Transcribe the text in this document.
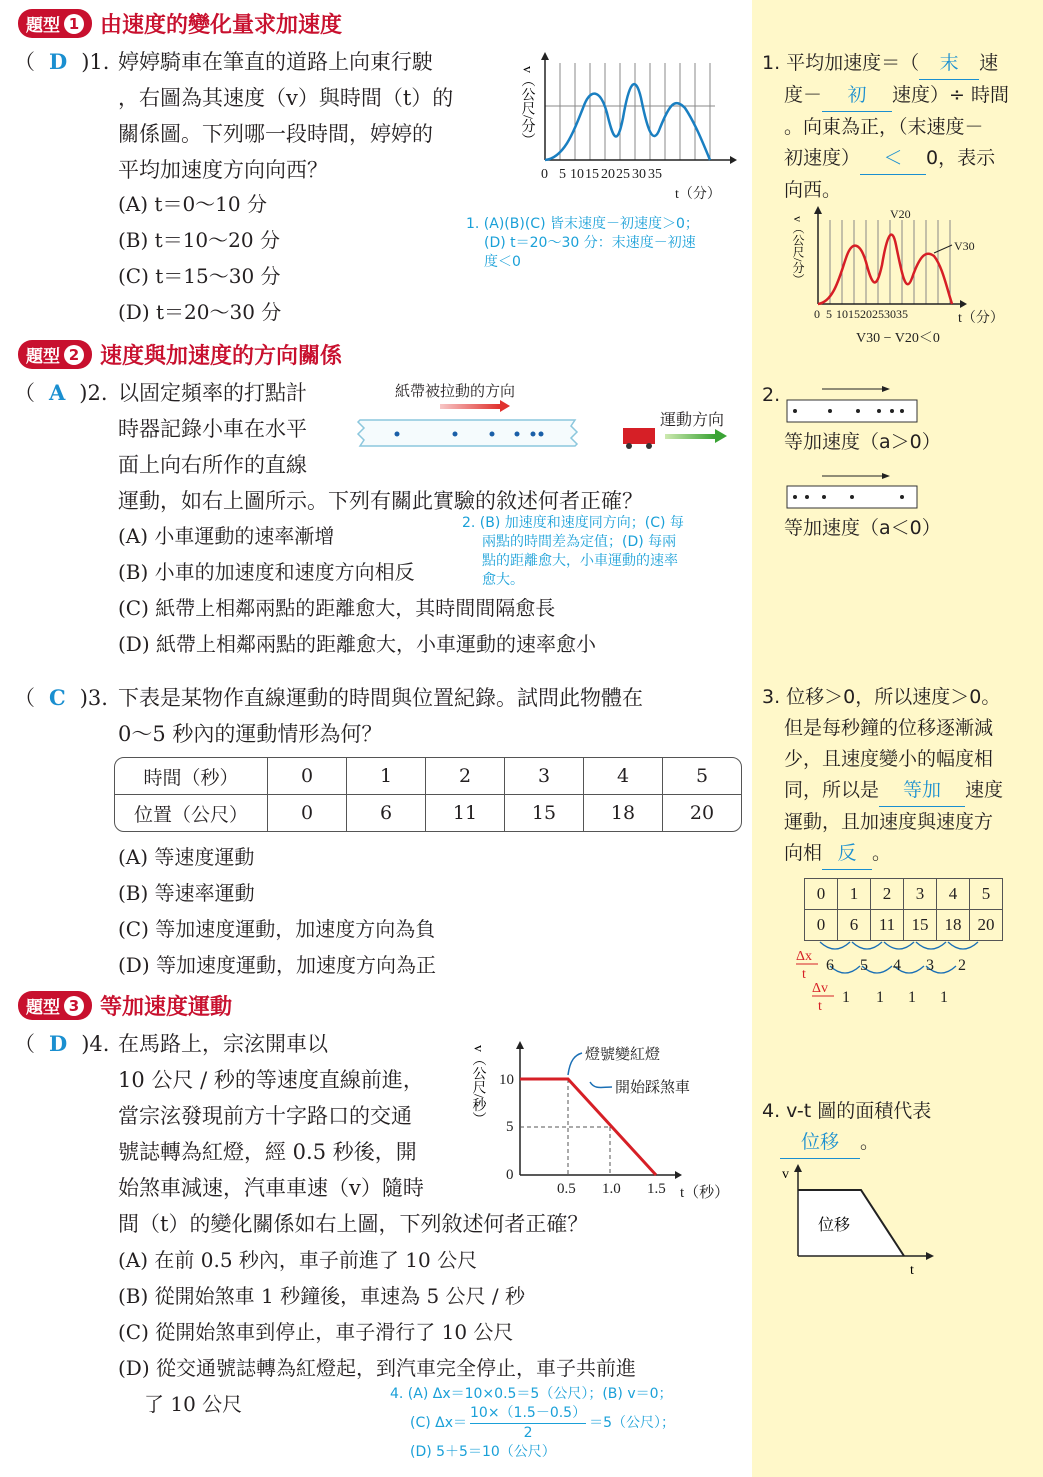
題型 1 由速度的變化量求加速度
（ D )1. 婷婷騎車在筆直的道路上向東行駛
，右圖為其速度（v）與時間（t）的
關係圖。下列哪一段時間，婷婷的
平均加速度方向向西？
(A) t＝0～10 分
(B) t＝10～20 分
(C) t＝15～30 分
(D) t＝20～30 分
0 5 10 15 20 25 30 35
t（分）
v（公尺/分）
1. (A)(B)(C) 皆末速度－初速度＞0；
(D) t＝20～30 分：末速度－初速
度＜0
題型 2 速度與加速度的方向關係
（ A )2. 以固定頻率的打點計
時器記錄小車在水平
面上向右所作的直線
運動，如右上圖所示。下列有關此實驗的敘述何者正確？
紙帶被拉動的方向
運動方向
(A) 小車運動的速率漸增
(B) 小車的加速度和速度方向相反
(C) 紙帶上相鄰兩點的距離愈大，其時間間隔愈長
(D) 紙帶上相鄰兩點的距離愈大，小車運動的速率愈小
2. (B) 加速度和速度同方向；(C) 每
兩點的時間差為定值；(D) 每兩
點的距離愈大，小車運動的速率
愈大。
（ C )3. 下表是某物作直線運動的時間與位置紀錄。試問此物體在
0～5 秒內的運動情形為何？
時間（秒）	0	1	2	3	4	5
位置（公尺）	0	6	11	15	18	20
(A) 等速度運動
(B) 等速率運動
(C) 等加速度運動，加速度方向為負
(D) 等加速度運動，加速度方向為正
題型 3 等加速度運動
（ D )4. 在馬路上，宗泫開車以
10 公尺 / 秒的等速度直線前進，
當宗泫發現前方十字路口的交通
號誌轉為紅燈，經 0.5 秒後，開
始煞車減速，汽車車速（v）隨時
間（t）的變化關係如右上圖，下列敘述何者正確？
0
5
10
0.5 1.0 1.5 t（秒）
燈號變紅燈
開始踩煞車
v（公尺/秒）
(A) 在前 0.5 秒內，車子前進了 10 公尺
(B) 從開始煞車 1 秒鐘後，車速為 5 公尺 / 秒
(C) 從開始煞車到停止，車子滑行了 10 公尺
(D) 從交通號誌轉為紅燈起，到汽車完全停止，車子共前進
了 10 公尺	4. (A) Δx＝10×0.5＝5（公尺）；(B) v＝0；
(C) $\Delta x= \frac{10\times(1.5-0.5)}{2} =5$（公尺）；
(D) 5＋5＝10（公尺）
1. 平均加速度＝（ 末 速
度－ 初 速度）÷ 時間
。向東為正，（末速度－
初速度） ＜ 0，表示
向西。
0 5 10 15 20 25 30 35	t（分）
V20
V30
V30 − V20＜0
v（公尺/分）
2.
等加速度（a＞0）
等加速度（a＜0）
3. 位移＞0，所以速度＞0。
但是每秒鐘的位移逐漸減
少，且速度變小的幅度相
同，所以是 等加 速度
運動，且加速度與速度方
向相 反 。
0	1	2	3	4	5
0	6	11	15	18	20
6 5 4 3 2
1 1 1 1
Δx
t
Δv
t
4. v-t 圖的面積代表
位移 。
v
t
位移
